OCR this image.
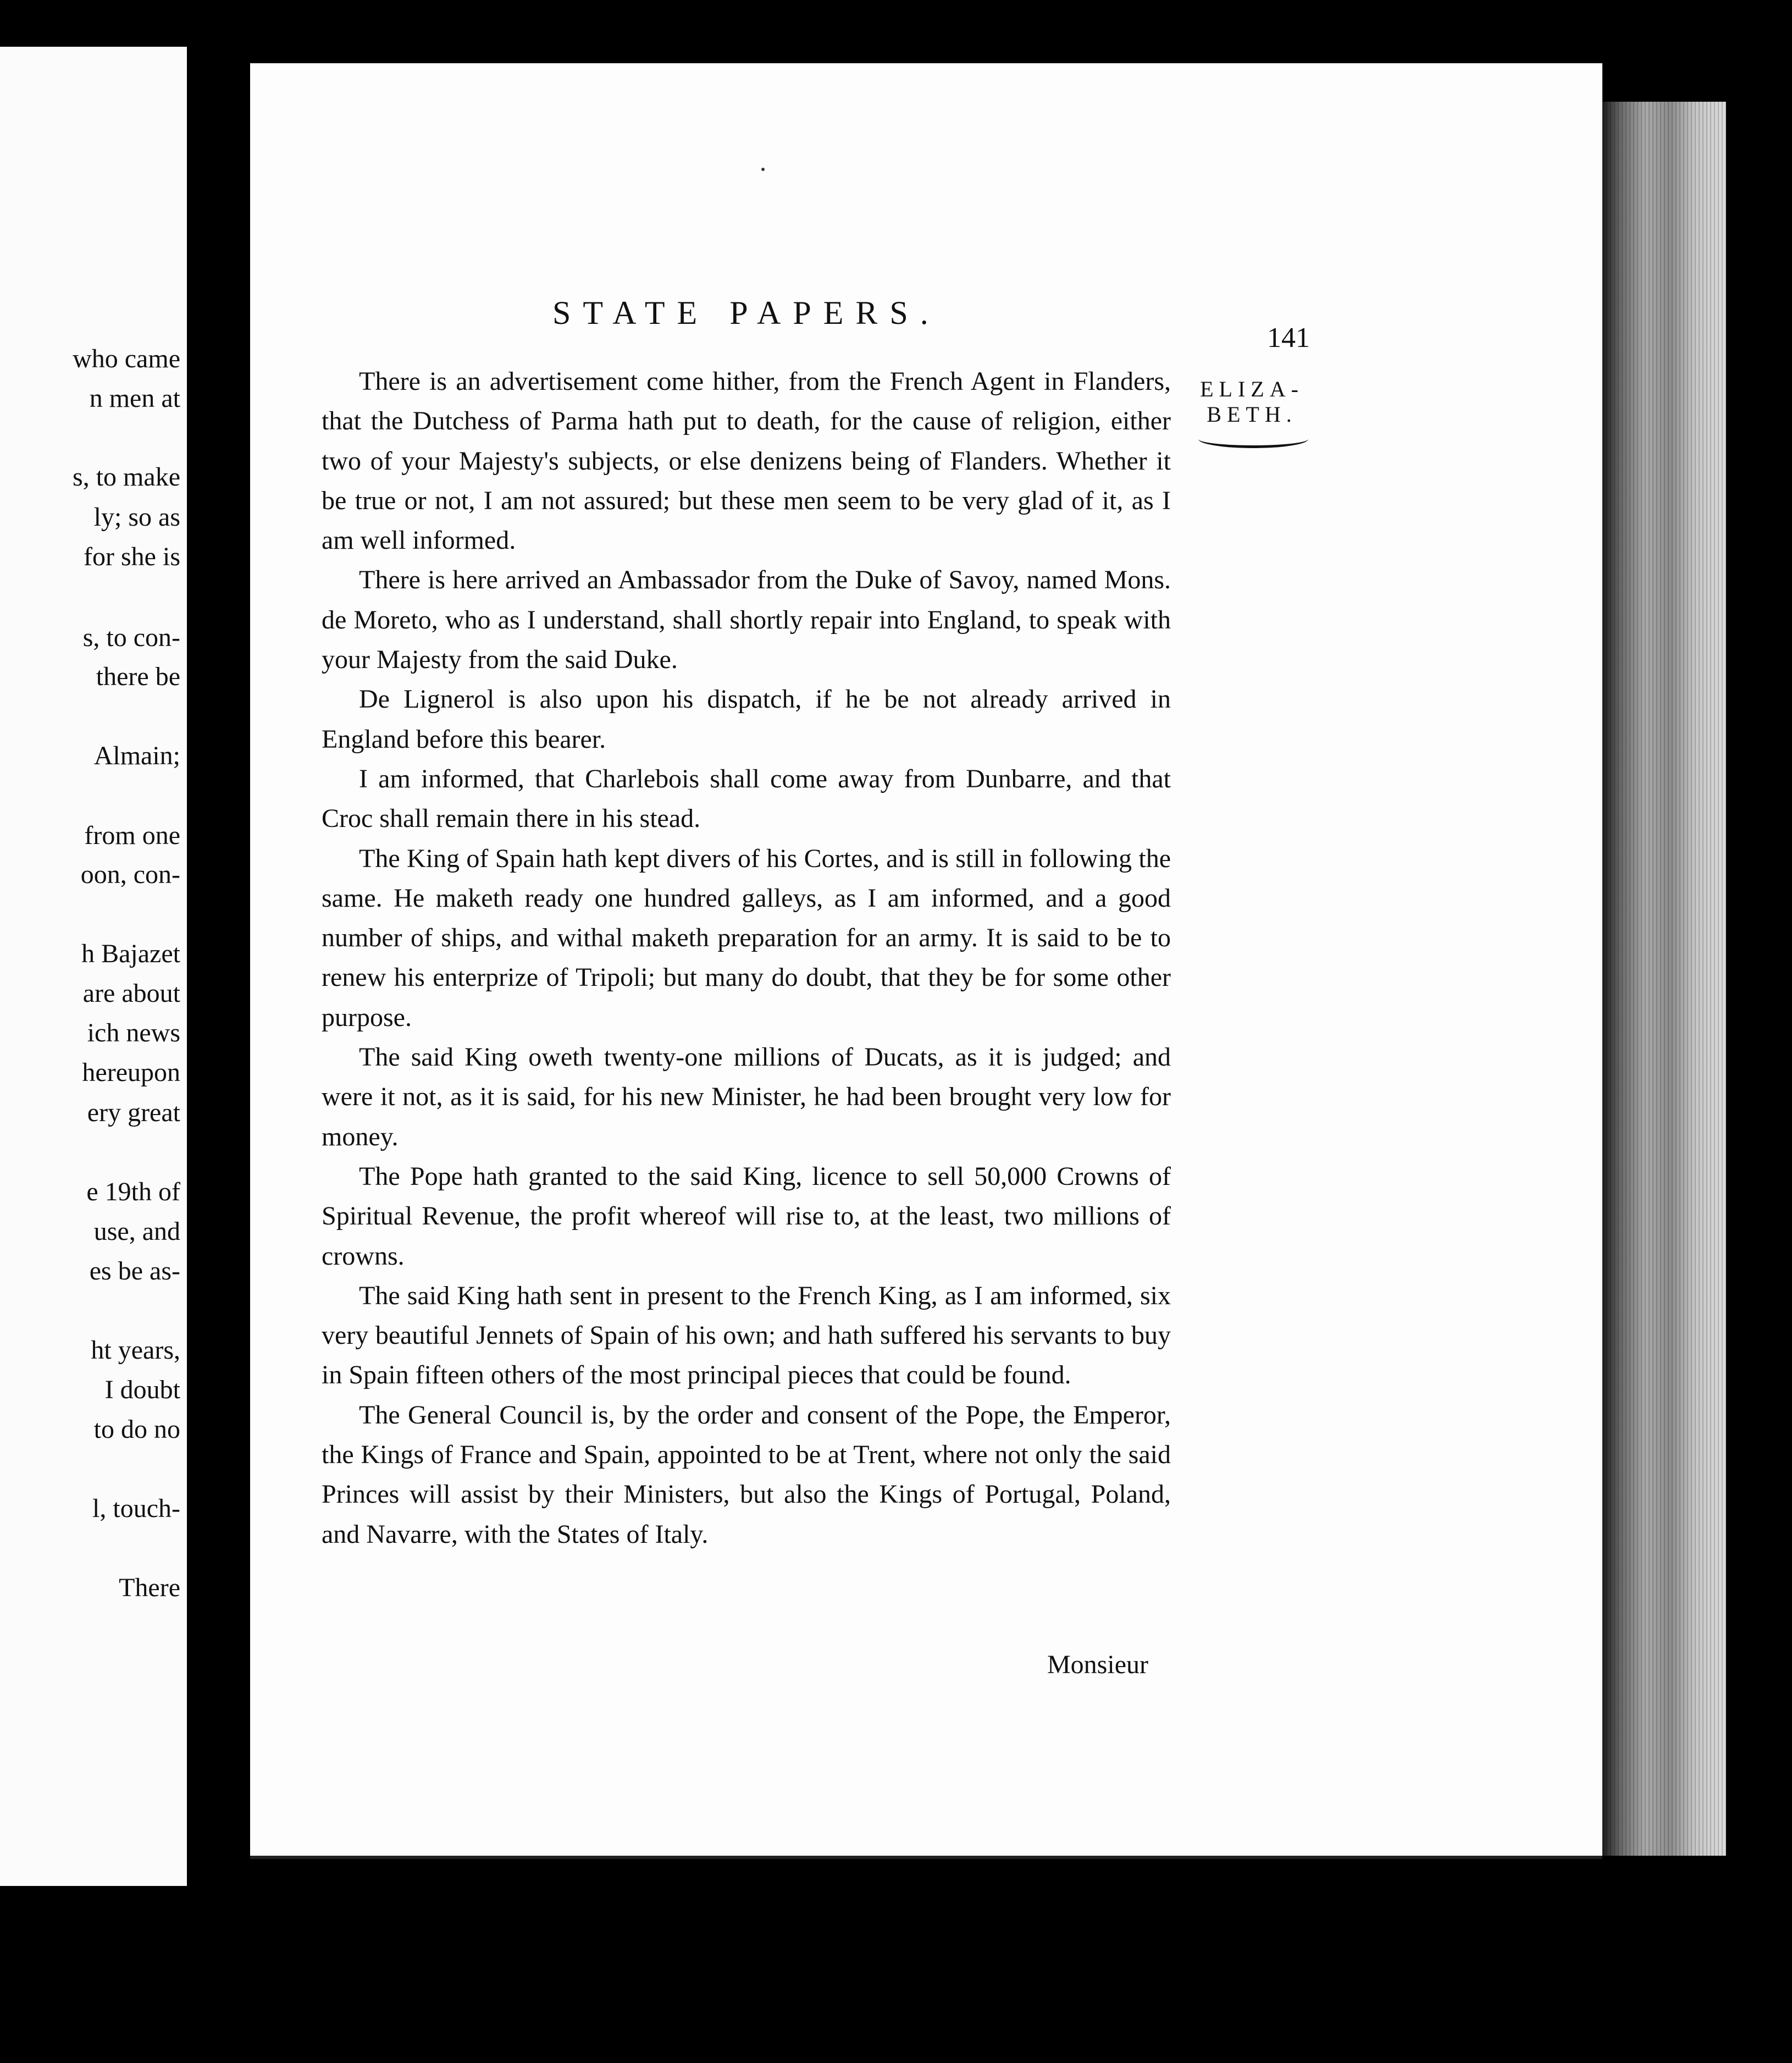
who came
n men at
s, to make
ly; so as
for she is
s, to con-
there be
Almain;
from one
oon, con-
h Bajazet
are about
ich news
hereupon
ery great
e 19th of
use, and
es be as-
ht years,
I doubt
to do no
l, touch-
There
STATE PAPERS.
141
ELIZA-
BETH.

There is an advertisement come hither, from the French Agent in Flanders, that the Dutchess of Parma hath put to death, for the cause of religion, either two of your Majesty's subjects, or else denizens being of Flanders. Whether it be true or not, I am not assured; but these men seem to be very glad of it, as I am well informed.

There is here arrived an Ambassador from the Duke of Savoy, named Mons. de Moreto, who as I understand, shall shortly repair into England, to speak with your Majesty from the said Duke.

De Lignerol is also upon his dispatch, if he be not already arrived in England before this bearer.

I am informed, that Charlebois shall come away from Dunbarre, and that Croc shall remain there in his stead.

The King of Spain hath kept divers of his Cortes, and is still in following the same. He maketh ready one hundred galleys, as I am informed, and a good number of ships, and withal maketh preparation for an army. It is said to be to renew his enterprize of Tripoli; but many do doubt, that they be for some other purpose.

The said King oweth twenty-one millions of Ducats, as it is judged; and were it not, as it is said, for his new Minister, he had been brought very low for money.

The Pope hath granted to the said King, licence to sell 50,000 Crowns of Spiritual Revenue, the profit whereof will rise to, at the least, two millions of crowns.

The said King hath sent in present to the French King, as I am informed, six very beautiful Jennets of Spain of his own; and hath suffered his servants to buy in Spain fifteen others of the most principal pieces that could be found.

The General Council is, by the order and consent of the Pope, the Emperor, the Kings of France and Spain, appointed to be at Trent, where not only the said Princes will assist by their Ministers, but also the Kings of Portugal, Poland, and Navarre, with the States of Italy.

Monsieur
